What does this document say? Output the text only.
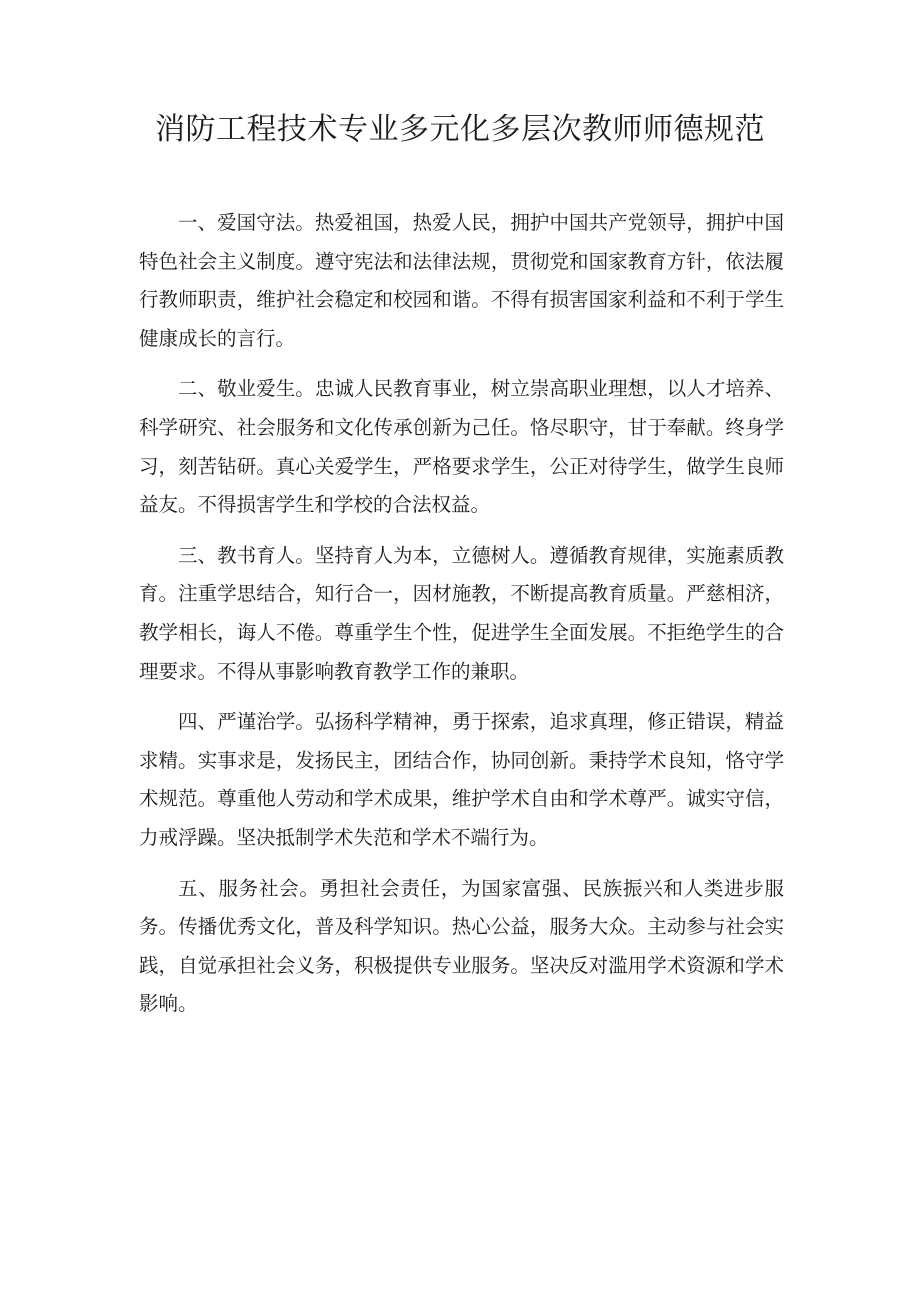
消防工程技术专业多元化多层次教师师德规范

一、爱国守法。热爱祖国，热爱人民，拥护中国共产党领导，拥护中国特色社会主义制度。遵守宪法和法律法规，贯彻党和国家教育方针，依法履行教师职责，维护社会稳定和校园和谐。不得有损害国家利益和不利于学生健康成长的言行。

二、敬业爱生。忠诚人民教育事业，树立崇高职业理想，以人才培养、科学研究、社会服务和文化传承创新为己任。恪尽职守，甘于奉献。终身学习，刻苦钻研。真心关爱学生，严格要求学生，公正对待学生，做学生良师益友。不得损害学生和学校的合法权益。

三、教书育人。坚持育人为本，立德树人。遵循教育规律，实施素质教育。注重学思结合，知行合一，因材施教，不断提高教育质量。严慈相济，教学相长，诲人不倦。尊重学生个性，促进学生全面发展。不拒绝学生的合理要求。不得从事影响教育教学工作的兼职。

四、严谨治学。弘扬科学精神，勇于探索，追求真理，修正错误，精益求精。实事求是，发扬民主，团结合作，协同创新。秉持学术良知，恪守学术规范。尊重他人劳动和学术成果，维护学术自由和学术尊严。诚实守信，力戒浮躁。坚决抵制学术失范和学术不端行为。

五、服务社会。勇担社会责任，为国家富强、民族振兴和人类进步服务。传播优秀文化，普及科学知识。热心公益，服务大众。主动参与社会实践，自觉承担社会义务，积极提供专业服务。坚决反对滥用学术资源和学术影响。
